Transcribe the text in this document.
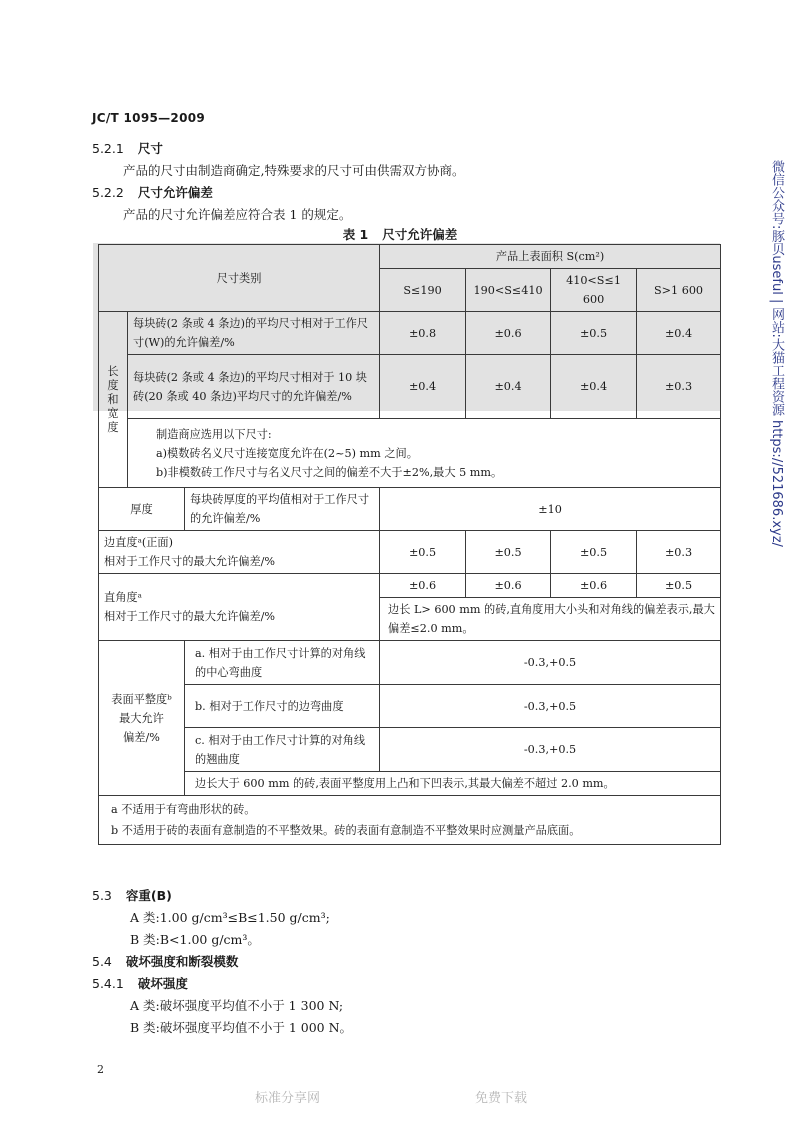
JC/T 1095—2009
5.2.1 尺寸
产品的尺寸由制造商确定,特殊要求的尺寸可由供需双方协商。
5.2.2 尺寸允许偏差
产品的尺寸允许偏差应符合表 1 的规定。
表 1 尺寸允许偏差
尺寸类别			产品上表面积 S(cm²)			
			S≤190	190<S≤410	410<S≤1 600	S>1 600
长度和宽度	每块砖(2 条或 4 条边)的平均尺寸相对于工作尺寸(W)的允许偏差/%		±0.8	±0.6	±0.5	±0.4
	每块砖(2 条或 4 条边)的平均尺寸相对于 10 块砖(20 条或 40 条边)平均尺寸的允许偏差/%		±0.4	±0.4	±0.4	±0.3

	制造商应选用以下尺寸:
a)模数砖名义尺寸连接宽度允许在(2~5) mm 之间。
b)非模数砖工作尺寸与名义尺寸之间的偏差不大于±2%,最大 5 mm。					

厚度		每块砖厚度的平均值相对于工作尺寸的允许偏差/%	±10			

边直度ᵃ(正面)
相对于工作尺寸的最大允许偏差/%			±0.5	±0.5	±0.5	±0.3

直角度ᵃ
相对于工作尺寸的最大允许偏差/%			±0.6	±0.6	±0.6	±0.5
			边长 L> 600 mm 的砖,直角度用大小头和对角线的偏差表示,最大偏差≤2.0 mm。			

表面平整度ᵇ
最大允许
偏差/%		a. 相对于由工作尺寸计算的对角线的中心弯曲度	-0.3,+0.5			
		b. 相对于工作尺寸的边弯曲度	-0.3,+0.5			
		c. 相对于由工作尺寸计算的对角线的翘曲度	-0.3,+0.5			
		边长大于 600 mm 的砖,表面平整度用上凸和下凹表示,其最大偏差不超过 2.0 mm。				

a 不适用于有弯曲形状的砖。
b 不适用于砖的表面有意制造的不平整效果。砖的表面有意制造不平整效果时应测量产品底面。						
5.3 容重(B)
A 类:1.00 g/cm³≤B≤1.50 g/cm³;
B 类:B<1.00 g/cm³。
5.4 破坏强度和断裂模数
5.4.1 破坏强度
A 类:破坏强度平均值不小于 1 300 N;
B 类:破坏强度平均值不小于 1 000 N。
2
标准分享网	免费下载
微信公众号:豚贝useful | 网站:大猫工程资源 https://521686.xyz/
